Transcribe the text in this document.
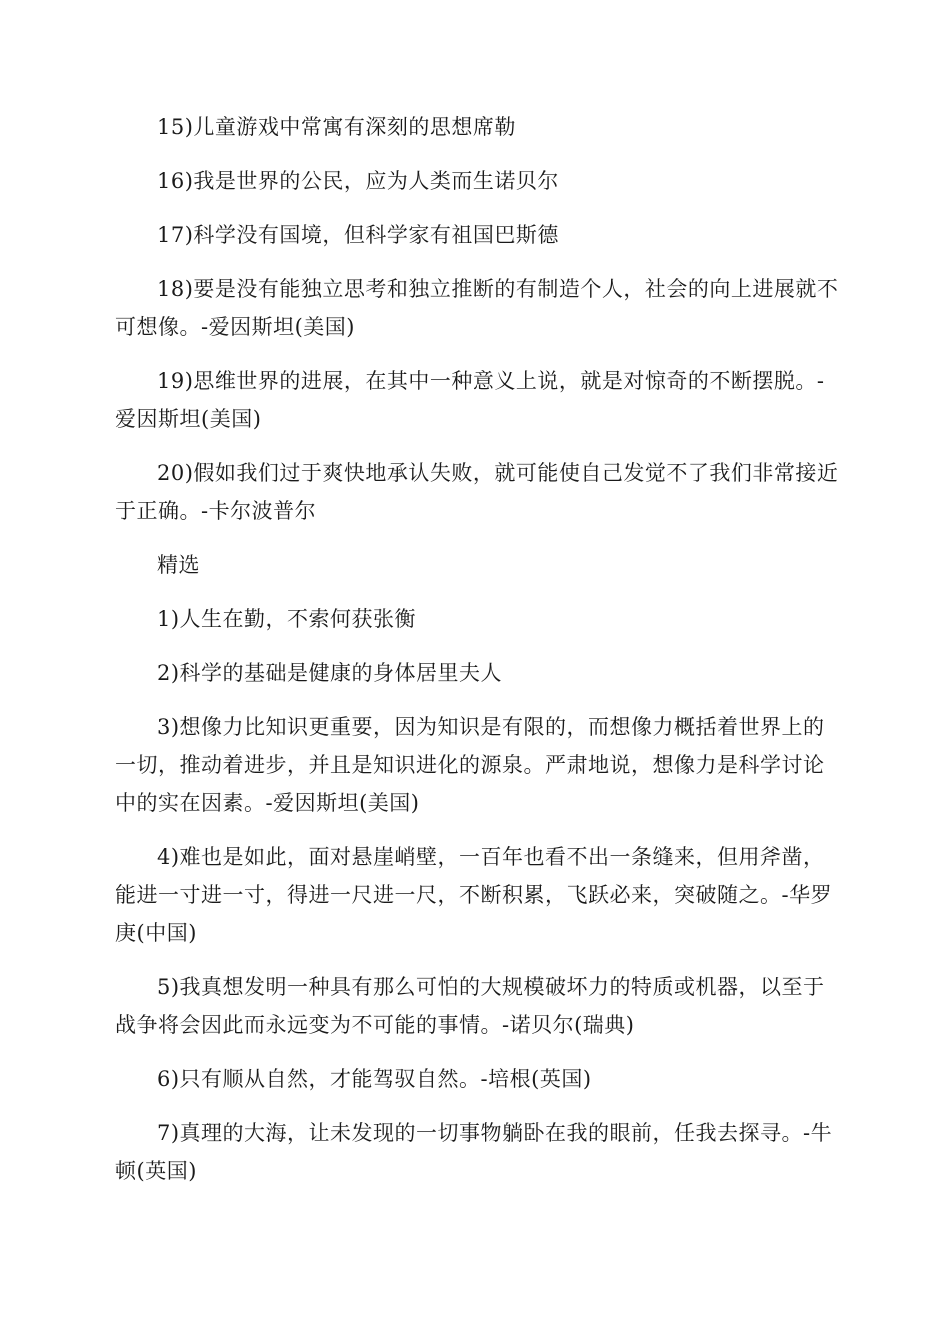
15)儿童游戏中常寓有深刻的思想席勒

16)我是世界的公民，应为人类而生诺贝尔

17)科学没有国境，但科学家有祖国巴斯德

18)要是没有能独立思考和独立推断的有制造个人，社会的向上进展就不可想像。-爱因斯坦(美国)

19)思维世界的进展，在其中一种意义上说，就是对惊奇的不断摆脱。-爱因斯坦(美国)

20)假如我们过于爽快地承认失败，就可能使自己发觉不了我们非常接近于正确。-卡尔波普尔

精选

1)人生在勤，不索何获张衡

2)科学的基础是健康的身体居里夫人

3)想像力比知识更重要，因为知识是有限的，而想像力概括着世界上的一切，推动着进步，并且是知识进化的源泉。严肃地说，想像力是科学讨论中的实在因素。-爱因斯坦(美国)

4)难也是如此，面对悬崖峭壁，一百年也看不出一条缝来，但用斧凿，能进一寸进一寸，得进一尺进一尺，不断积累，飞跃必来，突破随之。-华罗庚(中国)

5)我真想发明一种具有那么可怕的大规模破坏力的特质或机器，以至于战争将会因此而永远变为不可能的事情。-诺贝尔(瑞典)

6)只有顺从自然，才能驾驭自然。-培根(英国)

7)真理的大海，让未发现的一切事物躺卧在我的眼前，任我去探寻。-牛顿(英国)
